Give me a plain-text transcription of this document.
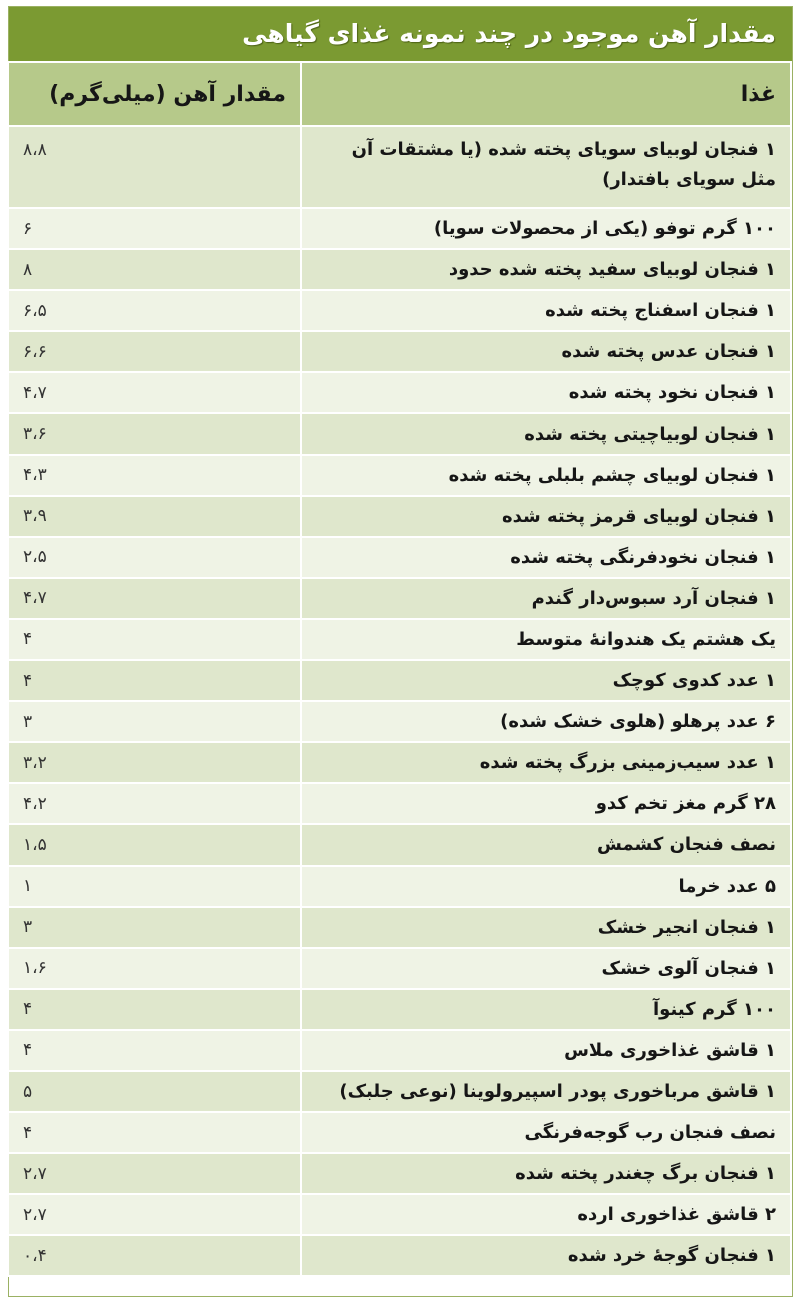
مقدار آهن موجود در چند نمونه غذای گیاهی
غذا	مقدار آهن (میلی‌گرم)
۱ فنجان لوبیای سویای پخته شده (یا مشتقات آن مثل سویای بافتدار)	۸،۸
۱۰۰ گرم توفو (یکی از محصولات سویا)	۶
۱ فنجان لوبیای سفید پخته شده حدود	۸
۱ فنجان اسفناج پخته شده	۶،۵
۱ فنجان عدس پخته شده	۶،۶
۱ فنجان نخود پخته شده	۴،۷
۱ فنجان لوبیاچیتی پخته شده	۳،۶
۱ فنجان لوبیای چشم بلبلی پخته شده	۴،۳
۱ فنجان لوبیای قرمز پخته شده	۳،۹
۱ فنجان نخودفرنگی پخته شده	۲،۵
۱ فنجان آرد سبوس‌دار گندم	۴،۷
یک هشتم یک هندوانهٔ متوسط	۴
۱ عدد کدوی کوچک	۴
۶ عدد پرهلو (هلوی خشک شده)	۳
۱ عدد سیب‌زمینی بزرگ پخته شده	۳،۲
۲۸ گرم مغز تخم کدو	۴،۲
نصف فنجان کشمش	۱،۵
۵ عدد خرما	۱
۱ فنجان انجیر خشک	۳
۱ فنجان آلوی خشک	۱،۶
۱۰۰ گرم کینوآ	۴
۱ قاشق غذاخوری ملاس	۴
۱ قاشق مرباخوری پودر اسپیرولوینا (نوعی جلبک)	۵
نصف فنجان رب گوجه‌فرنگی	۴
۱ فنجان برگ چغندر پخته شده	۲،۷
۲ قاشق غذاخوری ارده	۲،۷
۱ فنجان گوجهٔ خرد شده	۰،۴
